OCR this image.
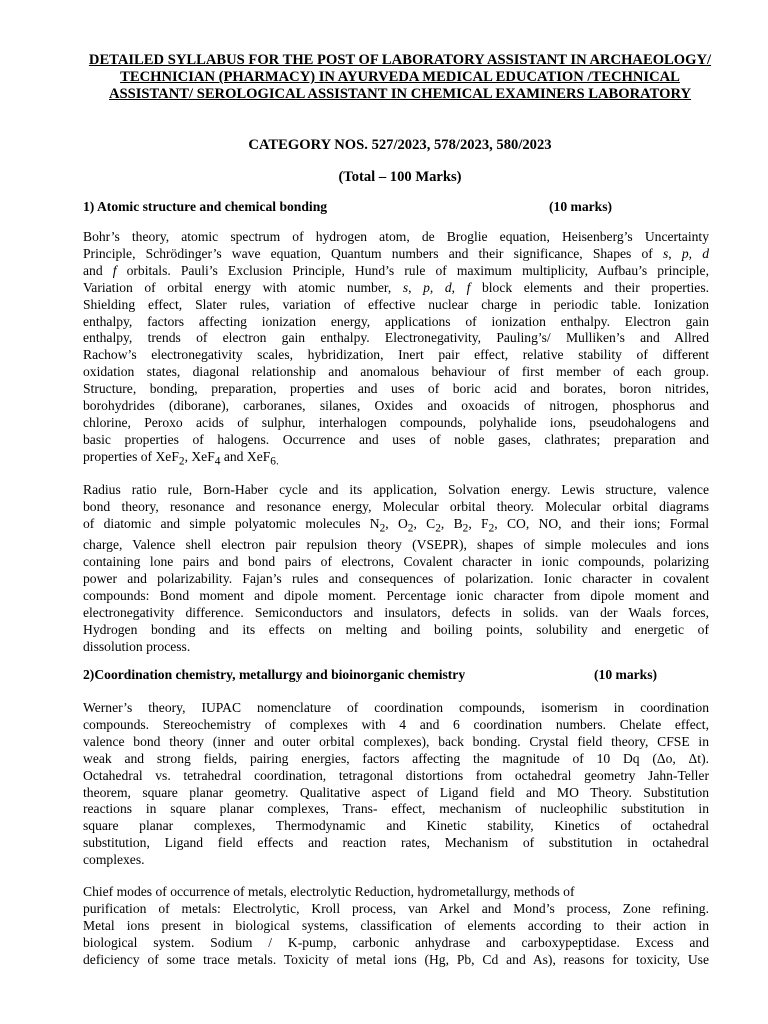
DETAILED SYLLABUS FOR THE POST OF LABORATORY ASSISTANT IN ARCHAEOLOGY/ TECHNICIAN (PHARMACY) IN AYURVEDA MEDICAL EDUCATION /TECHNICAL ASSISTANT/ SEROLOGICAL ASSISTANT IN CHEMICAL EXAMINERS LABORATORY
CATEGORY NOS. 527/2023, 578/2023, 580/2023
(Total – 100 Marks)
1) Atomic structure and chemical bonding	(10 marks)
Bohr’s theory, atomic spectrum of hydrogen atom, de Broglie equation, Heisenberg’s Uncertainty
Principle, Schrödinger’s wave equation, Quantum numbers and their significance, Shapes of s, p, d
and f orbitals. Pauli’s Exclusion Principle, Hund’s rule of maximum multiplicity, Aufbau’s principle,
Variation of orbital energy with atomic number, s, p, d, f block elements and their properties.
Shielding effect, Slater rules, variation of effective nuclear charge in periodic table. Ionization
enthalpy, factors affecting ionization energy, applications of ionization enthalpy. Electron gain
enthalpy, trends of electron gain enthalpy. Electronegativity, Pauling’s/ Mulliken’s and Allred
Rachow’s electronegativity scales, hybridization, Inert pair effect, relative stability of different
oxidation states, diagonal relationship and anomalous behaviour of first member of each group.
Structure, bonding, preparation, properties and uses of boric acid and borates, boron nitrides,
borohydrides (diborane), carboranes, silanes, Oxides and oxoacids of nitrogen, phosphorus and
chlorine, Peroxo acids of sulphur, interhalogen compounds, polyhalide ions, pseudohalogens and
basic properties of halogens. Occurrence and uses of noble gases, clathrates; preparation and
properties of XeF$_2$, XeF$_4$ and XeF$_{6.}$
Radius ratio rule, Born-Haber cycle and its application, Solvation energy. Lewis structure, valence
bond theory, resonance and resonance energy, Molecular orbital theory. Molecular orbital diagrams
of diatomic and simple polyatomic molecules $N_2$, $O_2$, $C_2$, $B_2$, $F_2$, CO, NO, and their ions; Formal
charge, Valence shell electron pair repulsion theory (VSEPR), shapes of simple molecules and ions
containing lone pairs and bond pairs of electrons, Covalent character in ionic compounds, polarizing
power and polarizability. Fajan’s rules and consequences of polarization. Ionic character in covalent
compounds: Bond moment and dipole moment. Percentage ionic character from dipole moment and
electronegativity difference. Semiconductors and insulators, defects in solids. van der Waals forces,
Hydrogen bonding and its effects on melting and boiling points, solubility and energetic of
dissolution process.
2)Coordination chemistry, metallurgy and bioinorganic chemistry	(10 marks)
Werner’s theory, IUPAC nomenclature of coordination compounds, isomerism in coordination
compounds. Stereochemistry of complexes with 4 and 6 coordination numbers. Chelate effect,
valence bond theory (inner and outer orbital complexes), back bonding. Crystal field theory, CFSE in
weak and strong fields, pairing energies, factors affecting the magnitude of 10 Dq (Δo, Δt).
Octahedral vs. tetrahedral coordination, tetragonal distortions from octahedral geometry Jahn-Teller
theorem, square planar geometry. Qualitative aspect of Ligand field and MO Theory. Substitution
reactions in square planar complexes, Trans- effect, mechanism of nucleophilic substitution in
square planar complexes, Thermodynamic and Kinetic stability, Kinetics of octahedral
substitution, Ligand field effects and reaction rates, Mechanism of substitution in octahedral
complexes.
Chief modes of occurrence of metals, electrolytic Reduction, hydrometallurgy, methods of
purification of metals: Electrolytic, Kroll process, van Arkel and Mond’s process, Zone refining.
Metal ions present in biological systems, classification of elements according to their action in
biological system. Sodium / K-pump, carbonic anhydrase and carboxypeptidase. Excess and
deficiency of some trace metals. Toxicity of metal ions (Hg, Pb, Cd and As), reasons for toxicity, Use
